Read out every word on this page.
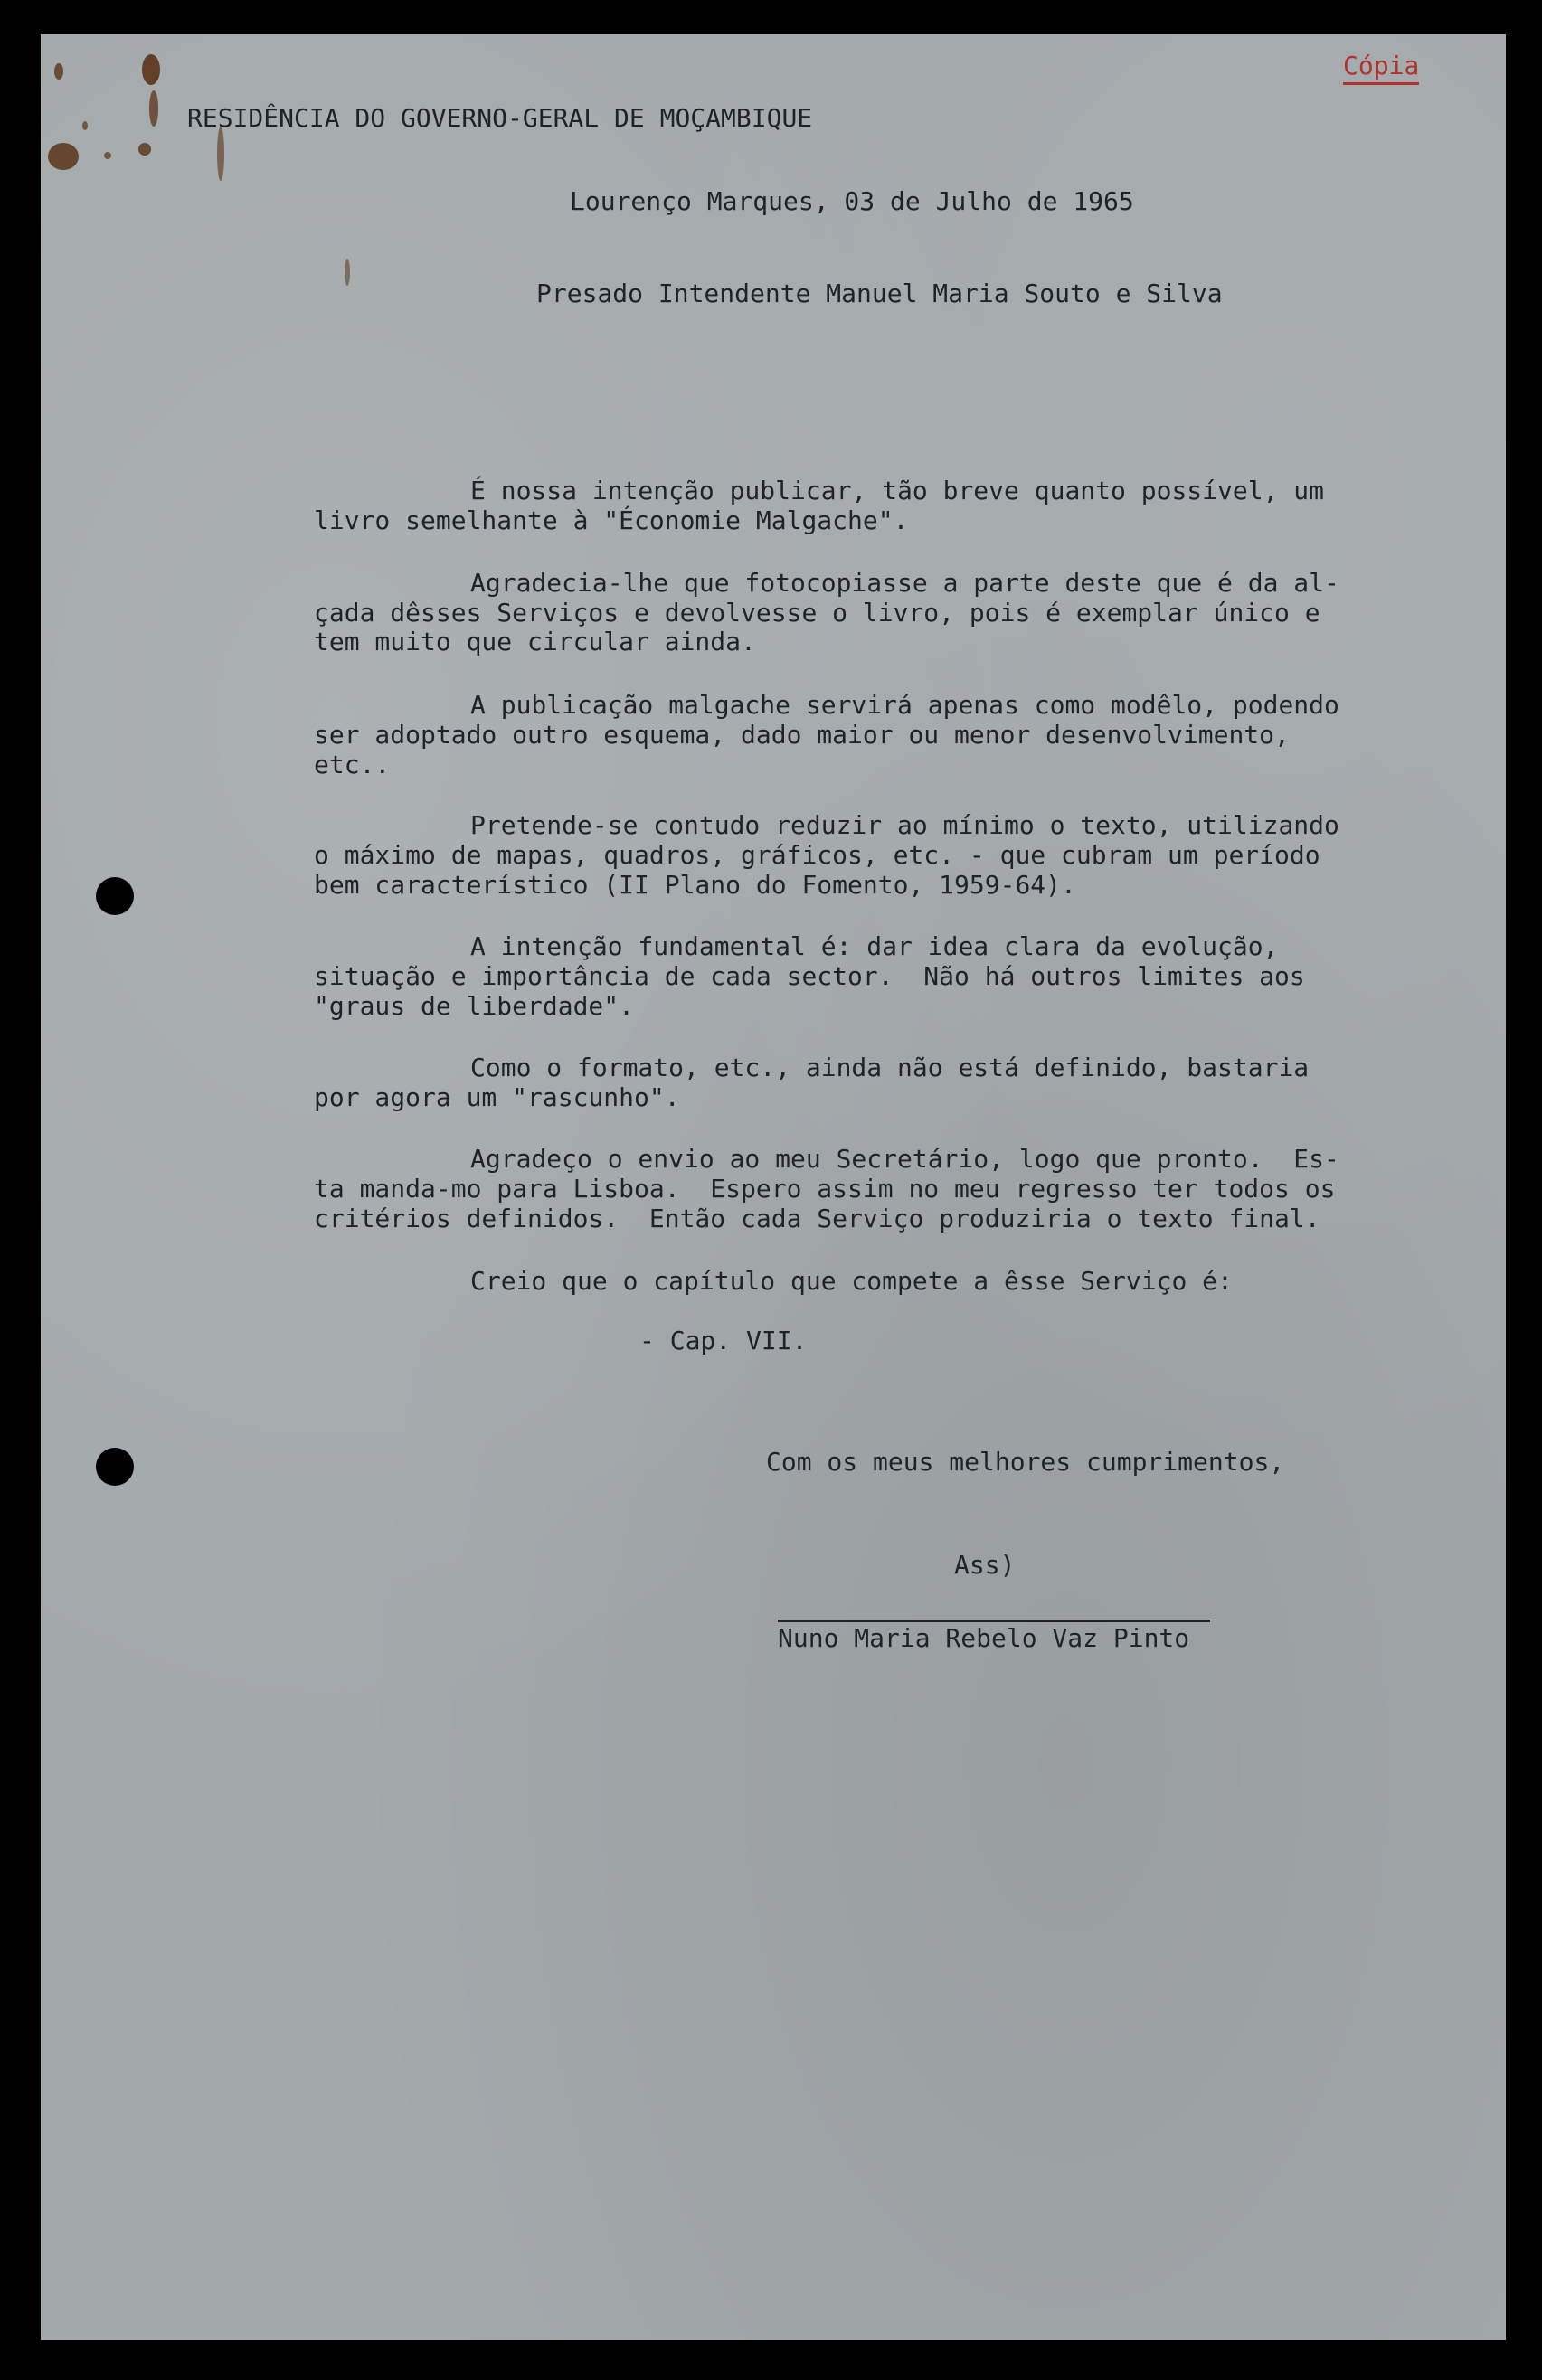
Cópia

RESIDÊNCIA DO GOVERNO-GERAL DE MOÇAMBIQUE

Lourenço Marques, 03 de Julho de 1965

Presado Intendente Manuel Maria Souto e Silva

É nossa intenção publicar, tão breve quanto possível, um

livro semelhante à "Économie Malgache".

Agradecia-lhe que fotocopiasse a parte deste que é da al-

çada dêsses Serviços e devolvesse o livro, pois é exemplar único e

tem muito que circular ainda.

A publicação malgache servirá apenas como modêlo, podendo

ser adoptado outro esquema, dado maior ou menor desenvolvimento,

etc..

Pretende-se contudo reduzir ao mínimo o texto, utilizando

o máximo de mapas, quadros, gráficos, etc. - que cubram um período

bem característico (II Plano do Fomento, 1959-64).

A intenção fundamental é: dar idea clara da evolução,

situação e importância de cada sector.  Não há outros limites aos

"graus de liberdade".

Como o formato, etc., ainda não está definido, bastaria

por agora um "rascunho".

Agradeço o envio ao meu Secretário, logo que pronto.  Es-

ta manda-mo para Lisboa.  Espero assim no meu regresso ter todos os

critérios definidos.  Então cada Serviço produziria o texto final.

Creio que o capítulo que compete a êsse Serviço é:

- Cap. VII.

Com os meus melhores cumprimentos,

Ass)

Nuno Maria Rebelo Vaz Pinto
